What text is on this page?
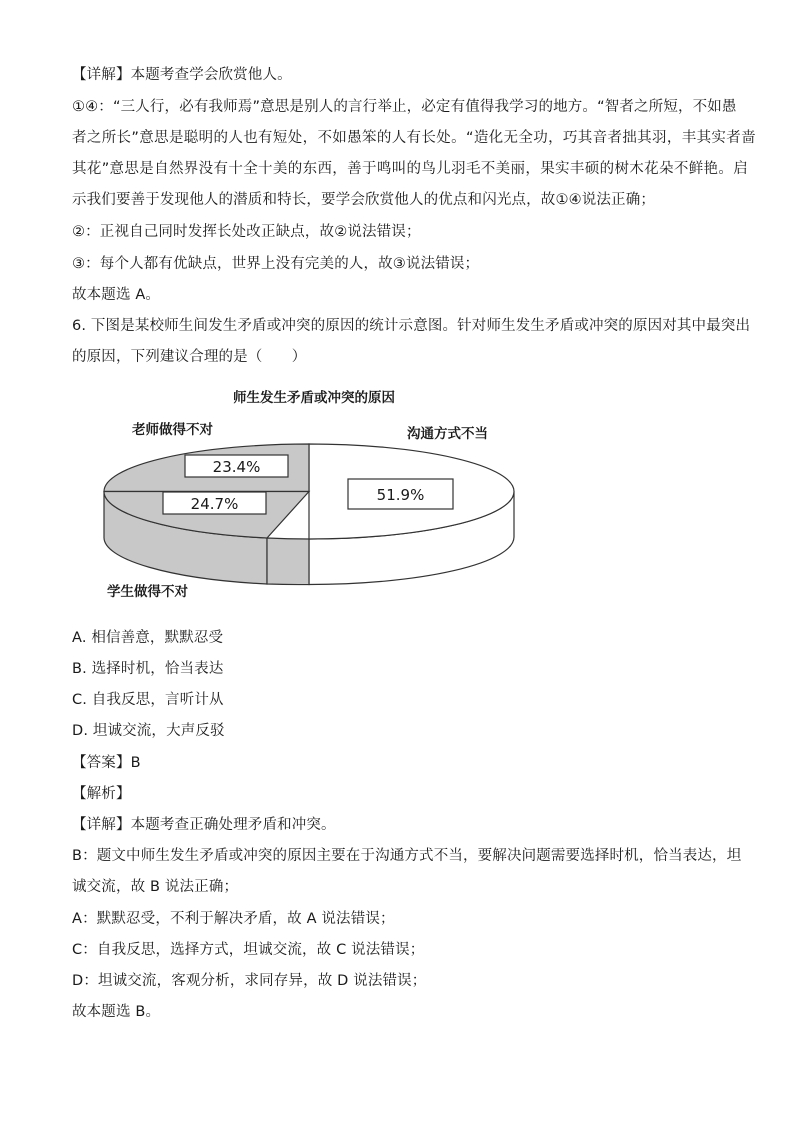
【详解】本题考查学会欣赏他人。
①④：“三人行，必有我师焉”意思是别人的言行举止，必定有值得我学习的地方。“智者之所短，不如愚
者之所长”意思是聪明的人也有短处，不如愚笨的人有长处。“造化无全功，巧其音者拙其羽，丰其实者啬
其花”意思是自然界没有十全十美的东西，善于鸣叫的鸟儿羽毛不美丽，果实丰硕的树木花朵不鲜艳。启
示我们要善于发现他人的潜质和特长，要学会欣赏他人的优点和闪光点，故①④说法正确；
②：正视自己同时发挥长处改正缺点，故②说法错误；
③：每个人都有优缺点，世界上没有完美的人，故③说法错误；
故本题选 A。
6. 下图是某校师生间发生矛盾或冲突的原因的统计示意图。针对师生发生矛盾或冲突的原因对其中最突出
的原因，下列建议合理的是（　　）
师生发生矛盾或冲突的原因
老师做得不对	沟通方式不当
学生做得不对
23.4%
24.7%	51.9%
A. 相信善意，默默忍受
B. 选择时机，恰当表达
C. 自我反思，言听计从
D. 坦诚交流，大声反驳
【答案】B
【解析】
【详解】本题考查正确处理矛盾和冲突。
B：题文中师生发生矛盾或冲突的原因主要在于沟通方式不当，要解决问题需要选择时机，恰当表达，坦
诚交流，故 B 说法正确；
A：默默忍受，不利于解决矛盾，故 A 说法错误；
C：自我反思，选择方式，坦诚交流，故 C 说法错误；
D：坦诚交流，客观分析，求同存异，故 D 说法错误；
故本题选 B。
